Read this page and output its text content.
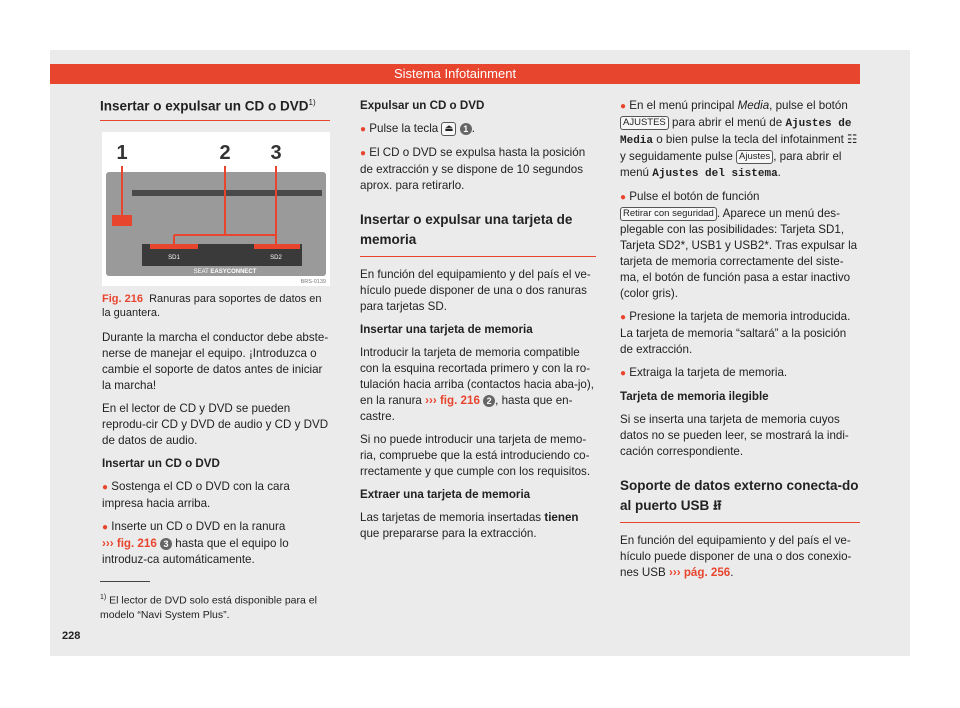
Sistema Infotainment
Insertar o expulsar un CD o DVD$^{1)}$
1	2 3
SD1	SD2
SEAT EASYCONNECT
BRS-0139
Fig. 216 Ranuras para soportes de datos en la guantera.

Durante la marcha el conductor debe abste-nerse de manejar el equipo. ¡Introduzca o cambie el soporte de datos antes de iniciar la marcha!

En el lector de CD y DVD se pueden reprodu-cir CD y DVD de audio y CD y DVD de datos de audio.

Insertar un CD o DVD

● Sostenga el CD o DVD con la cara impresa hacia arriba.

● Inserte un CD o DVD en la ranura
››› fig. 216 3 hasta que el equipo lo introduz-ca automáticamente.

$^{1)}$ El lector de DVD solo está disponible para el modelo “Navi System Plus”.
228

Expulsar un CD o DVD

● Pulse la tecla ⏏ 1 .

● El CD o DVD se expulsa hasta la posición de extracción y se dispone de 10 segundos aprox. para retirarlo.

Insertar o expulsar una tarjeta de memoria

En función del equipamiento y del país el ve-hículo puede disponer de una o dos ranuras para tarjetas SD.

Insertar una tarjeta de memoria

Introducir la tarjeta de memoria compatible con la esquina recortada primero y con la ro-tulación hacia arriba (contactos hacia aba-jo), en la ranura ››› fig. 216 2 , hasta que en-castre.

Si no puede introducir una tarjeta de memo-ria, compruebe que la está introduciendo co-rrectamente y que cumple con los requisitos.

Extraer una tarjeta de memoria

Las tarjetas de memoria insertadas tienen
que prepararse para la extracción.

● En el menú principal Media, pulse el botón AJUSTES para abrir el menú de Ajustes de Media o bien pulse la tecla del infotainment ☷ y seguidamente pulse Ajustes , para abrir el menú Ajustes del sistema.

● Pulse el botón de función
Retirar con seguridad . Aparece un menú des-plegable con las posibilidades: Tarjeta SD1, Tarjeta SD2*, USB1 y USB2*. Tras expulsar la tarjeta de memoria correctamente del siste-ma, el botón de función pasa a estar inactivo (color gris).

● Presione la tarjeta de memoria introducida. La tarjeta de memoria “saltará” a la posición de extracción.

● Extraiga la tarjeta de memoria.

Tarjeta de memoria ilegible

Si se inserta una tarjeta de memoria cuyos datos no se pueden leer, se mostrará la indi-cación correspondiente.

Soporte de datos externo conecta-do al puerto USB ⭿

En función del equipamiento y del país el ve-hículo puede disponer de una o dos conexio-nes USB ››› pág. 256.
